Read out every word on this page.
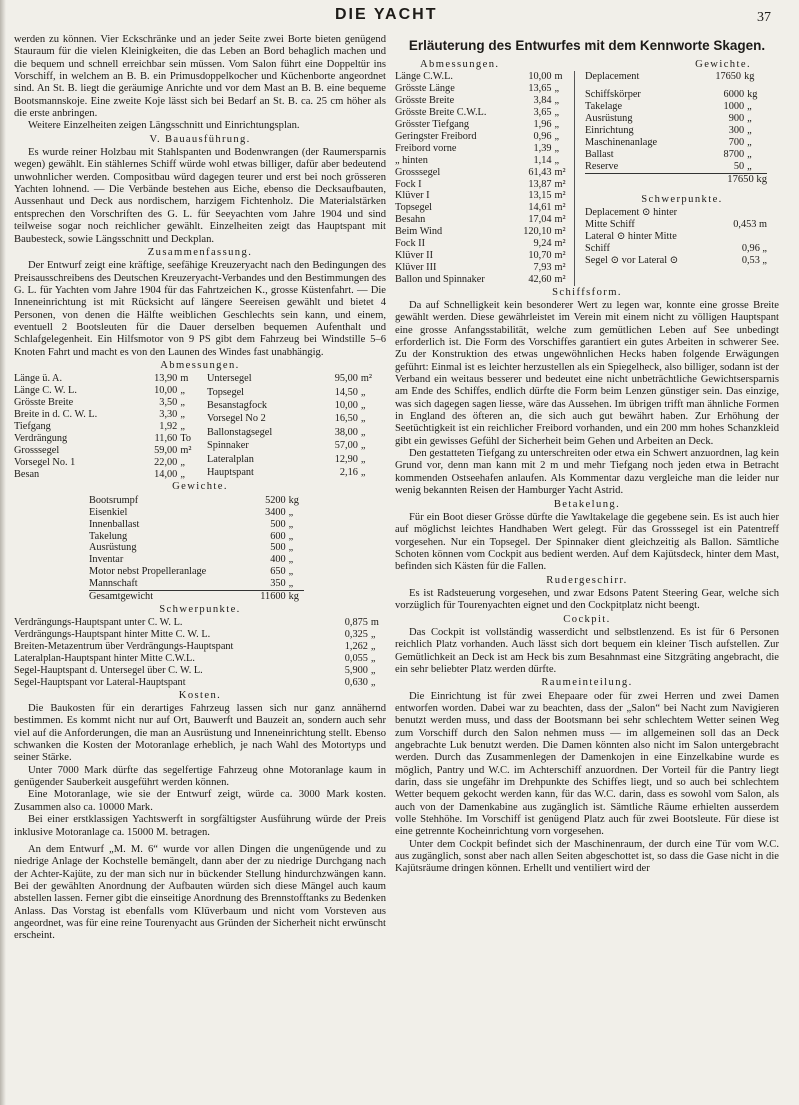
DIE YACHT	37

werden zu können. Vier Eckschränke und an jeder Seite zwei Borte bieten genügend Stauraum für die vielen Kleinigkeiten, die das Leben an Bord behaglich machen und die bequem und schnell erreichbar sein müssen. Vom Salon führt eine Doppeltür ins Vorschiff, in welchem an B. B. ein Primusdoppelkocher und Küchenborte angeordnet sind. An St. B. liegt die geräumige Anrichte und vor dem Mast an B. B. eine bequeme Bootsmannskoje. Eine zweite Koje lässt sich bei Bedarf an St. B. ca. 25 cm höher als die erste anbringen.

Weitere Einzelheiten zeigen Längsschnitt und Einrichtungsplan.

V. Bauausführung.

Es wurde reiner Holzbau mit Stahlspanten und Bodenwrangen (der Raumersparnis wegen) gewählt. Ein stählernes Schiff würde wohl etwas billiger, dafür aber bedeutend unwohnlicher werden. Compositbau würd dagegen teurer und erst bei noch grösseren Yachten lohnend. — Die Verbände bestehen aus Eiche, ebenso die Decksaufbauten, Aussenhaut und Deck aus nordischem, harzigem Fichtenholz. Die Materialstärken entsprechen den Vorschriften des G. L. für Seeyachten vom Jahre 1904 und sind teilweise sogar noch reichlicher gewählt. Einzelheiten zeigt das Hauptspant mit Baubesteck, sowie Längsschnitt und Deckplan.

Zusammenfassung.

Der Entwurf zeigt eine kräftige, seefähige Kreuzeryacht nach den Bedingungen des Preisausschreibens des Deutschen Kreuzeryacht-Verbandes und den Bestimmungen des G. L. für Yachten vom Jahre 1904 für das Fahrtzeichen K., grosse Küstenfahrt. — Die Inneneinrichtung ist mit Rücksicht auf längere Seereisen gewählt und bietet 4 Personen, von denen die Hälfte weiblichen Geschlechts sein kann, und einem, eventuell 2 Bootsleuten für die Dauer derselben bequemen Aufenthalt und Schlafgelegenheit. Ein Hilfsmotor von 9 PS gibt dem Fahrzeug bei Windstille 5–6 Knoten Fahrt und macht es von den Launen des Windes fast unabhängig.

Abmessungen.

Länge ü. A.	13,90	m
Länge C. W. L.	10,00	„
Grösste Breite	3,50	„
Breite in d. C. W. L.	3,30	„
Tiefgang	1,92	„
Verdrängung	11,60	To
Grosssegel	59,00	m²
Vorsegel No. 1	22,00	„
Besan	14,00	„
Untersegel	95,00	m²
Topsegel	14,50	„
Besanstagfock	10,00	„
Vorsegel No 2	16,50	„
Ballonstagsegel	38,00	„
Spinnaker	57,00	„
Lateralplan	12,90	„
Hauptspant	2,16	„

Gewichte.

Bootsrumpf	5200	kg
Eisenkiel	3400	„
Innenballast	500	„
Takelung	600	„
Ausrüstung	500	„
Inventar	400	„
Motor nebst Propelleranlage	650	„
Mannschaft	350	„
Gesamtgewicht	11600	kg

Schwerpunkte.

Verdrängungs-Hauptspant unter C. W. L.	0,875	m
Verdrängungs-Hauptspant hinter Mitte C. W. L.	0,325	„
Breiten-Metazentrum über Verdrängungs-Hauptspant	1,262	„
Lateralplan-Hauptspant hinter Mitte C.W.L.	0,055	„
Segel-Hauptspant d. Untersegel über C. W. L.	5,900	„
Segel-Hauptspant vor Lateral-Hauptspant	0,630	„

Kosten.

Die Baukosten für ein derartiges Fahrzeug lassen sich nur ganz annähernd bestimmen. Es kommt nicht nur auf Ort, Bauwerft und Bauzeit an, sondern auch sehr viel auf die Anforderungen, die man an Ausrüstung und Inneneinrichtung stellt. Ebenso schwanken die Kosten der Motoranlage erheblich, je nach Wahl des Motortyps und seiner Stärke.

Unter 7000 Mark dürfte das segelfertige Fahrzeug ohne Motoranlage kaum in genügender Sauberkeit ausgeführt werden können.

Eine Motoranlage, wie sie der Entwurf zeigt, würde ca. 3000 Mark kosten. Zusammen also ca. 10000 Mark.

Bei einer erstklassigen Yachtswerft in sorgfältigster Ausführung würde der Preis inklusive Motoranlage ca. 15000 M. betragen.

An dem Entwurf „M. M. 6“ wurde vor allen Dingen die ungenügende und zu niedrige Anlage der Kochstelle bemängelt, dann aber der zu niedrige Durchgang nach der Achter-Kajüte, zu der man sich nur in bückender Stellung hindurchzwängen kann. Bei der gewählten Anordnung der Aufbauten würden sich diese Mängel auch kaum abstellen lassen. Ferner gibt die einseitige Anordnung des Brennstofftanks zu Bedenken Anlass. Das Vorstag ist ebenfalls vom Klüverbaum und nicht vom Vorsteven aus angeordnet, was für eine reine Tourenyacht aus Gründen der Sicherheit nicht erwünscht erscheint.

Erläuterung des Entwurfes mit dem Kennworte Skagen.
Abmessungen.	Gewichte.
Länge C.W.L.	10,00	m
Grösste Länge	13,65	„
Grösste Breite	3,84	„
Grösste Breite C.W.L.	3,65	„
Grösster Tiefgang	1,96	„
Geringster Freibord	0,96	„
Freibord vorne	1,39	„
„ hinten	1,14	„
Grosssegel	61,43	m²
Fock I	13,87	m²
Klüver I	13,15	m²
Topsegel	14,61	m²
Besahn	17,04	m²
Beim Wind	120,10	m²
Fock II	9,24	m²
Klüver II	10,70	m²
Klüver III	7,93	m²
Ballon und Spinnaker	42,60	m²
Deplacement	17650	kg
Schiffskörper	6000	kg
Takelage	1000	„
Ausrüstung	900	„
Einrichtung	300	„
Maschinenanlage	700	„
Ballast	8700	„
Reserve	50	„
17650 kg
Schwerpunkte.
Deplacement ⊙ hinter	
Mitte Schiff	0,453 m
Lateral ⊙ hinter Mitte	
Schiff	0,96 „
Segel ⊙ vor Lateral ⊙	0,53 „

Schiffsform.

Da auf Schnelligkeit kein besonderer Wert zu legen war, konnte eine grosse Breite gewählt werden. Diese gewährleistet im Verein mit einem nicht zu völligen Hauptspant eine grosse Anfangsstabilität, welche zum gemütlichen Leben auf See unbedingt erforderlich ist. Die Form des Vorschiffes garantiert ein gutes Arbeiten in schwerer See. Zu der Konstruktion des etwas ungewöhnlichen Hecks haben folgende Erwägungen geführt: Einmal ist es leichter herzustellen als ein Spiegelheck, also billiger, sodann ist der Verband ein weitaus besserer und bedeutet eine nicht unbeträchtliche Gewichtsersparnis am Ende des Schiffes, endlich dürfte die Form beim Lenzen günstiger sein. Das einzige, was sich dagegen sagen liesse, wäre das Aussehen. Im übrigen trifft man ähnliche Formen in England des öfteren an, die sich auch gut bewährt haben. Zur Erhöhung der Seetüchtigkeit ist ein reichlicher Freibord vorhanden, und ein 200 mm hohes Schanzkleid gibt ein gewisses Gefühl der Sicherheit beim Gehen und Arbeiten an Deck.

Den gestatteten Tiefgang zu unterschreiten oder etwa ein Schwert anzuordnen, lag kein Grund vor, denn man kann mit 2 m und mehr Tiefgang noch jeden etwa in Betracht kommenden Ostseehafen anlaufen. Als Kommentar dazu vergleiche man die leider nur wenig bekannten Reisen der Hamburger Yacht Astrid.

Betakelung.

Für ein Boot dieser Grösse dürfte die Yawltakelage die gegebene sein. Es ist auch hier auf möglichst leichtes Handhaben Wert gelegt. Für das Grosssegel ist ein Patentreff vorgesehen. Nur ein Topsegel. Der Spinnaker dient gleichzeitig als Ballon. Sämtliche Schoten können vom Cockpit aus bedient werden. Auf dem Kajütsdeck, hinter dem Mast, befinden sich Kästen für die Fallen.

Rudergeschirr.

Es ist Radsteuerung vorgesehen, und zwar Edsons Patent Steering Gear, welche sich vorzüglich für Tourenyachten eignet und den Cockpitplatz nicht beengt.

Cockpit.

Das Cockpit ist vollständig wasserdicht und selbstlenzend. Es ist für 6 Personen reichlich Platz vorhanden. Auch lässt sich dort bequem ein kleiner Tisch aufstellen. Zur Gemütlichkeit an Deck ist am Heck bis zum Besahnmast eine Sitzgräting angebracht, die ein sehr beliebter Platz werden dürfte.

Raumeinteilung.

Die Einrichtung ist für zwei Ehepaare oder für zwei Herren und zwei Damen entworfen worden. Dabei war zu beachten, dass der „Salon“ bei Nacht zum Navigieren benutzt werden muss, und dass der Bootsmann bei sehr schlechtem Wetter seinen Weg zum Vorschiff durch den Salon nehmen muss — im allgemeinen soll das an Deck angebrachte Luk benutzt werden. Die Damen könnten also nicht im Salon untergebracht werden. Durch das Zusammenlegen der Damenkojen in eine Einzelkabine wurde es möglich, Pantry und W.C. im Achterschiff anzuordnen. Der Vorteil für die Pantry liegt darin, dass sie ungefähr im Drehpunkte des Schiffes liegt, und so auch bei schlechtem Wetter bequem gekocht werden kann, für das W.C. darin, dass es sowohl vom Salon, als auch von der Damenkabine aus zugänglich ist. Sämtliche Räume erhielten ausserdem volle Stehhöhe. Im Vorschiff ist genügend Platz auch für zwei Bootsleute. Für diese ist eine getrennte Kocheinrichtung vorn vorgesehen.

Unter dem Cockpit befindet sich der Maschinenraum, der durch eine Tür vom W.C. aus zugänglich, sonst aber nach allen Seiten abgeschottet ist, so dass die Gase nicht in die Kajütsräume dringen können. Erhellt und ventiliert wird der
